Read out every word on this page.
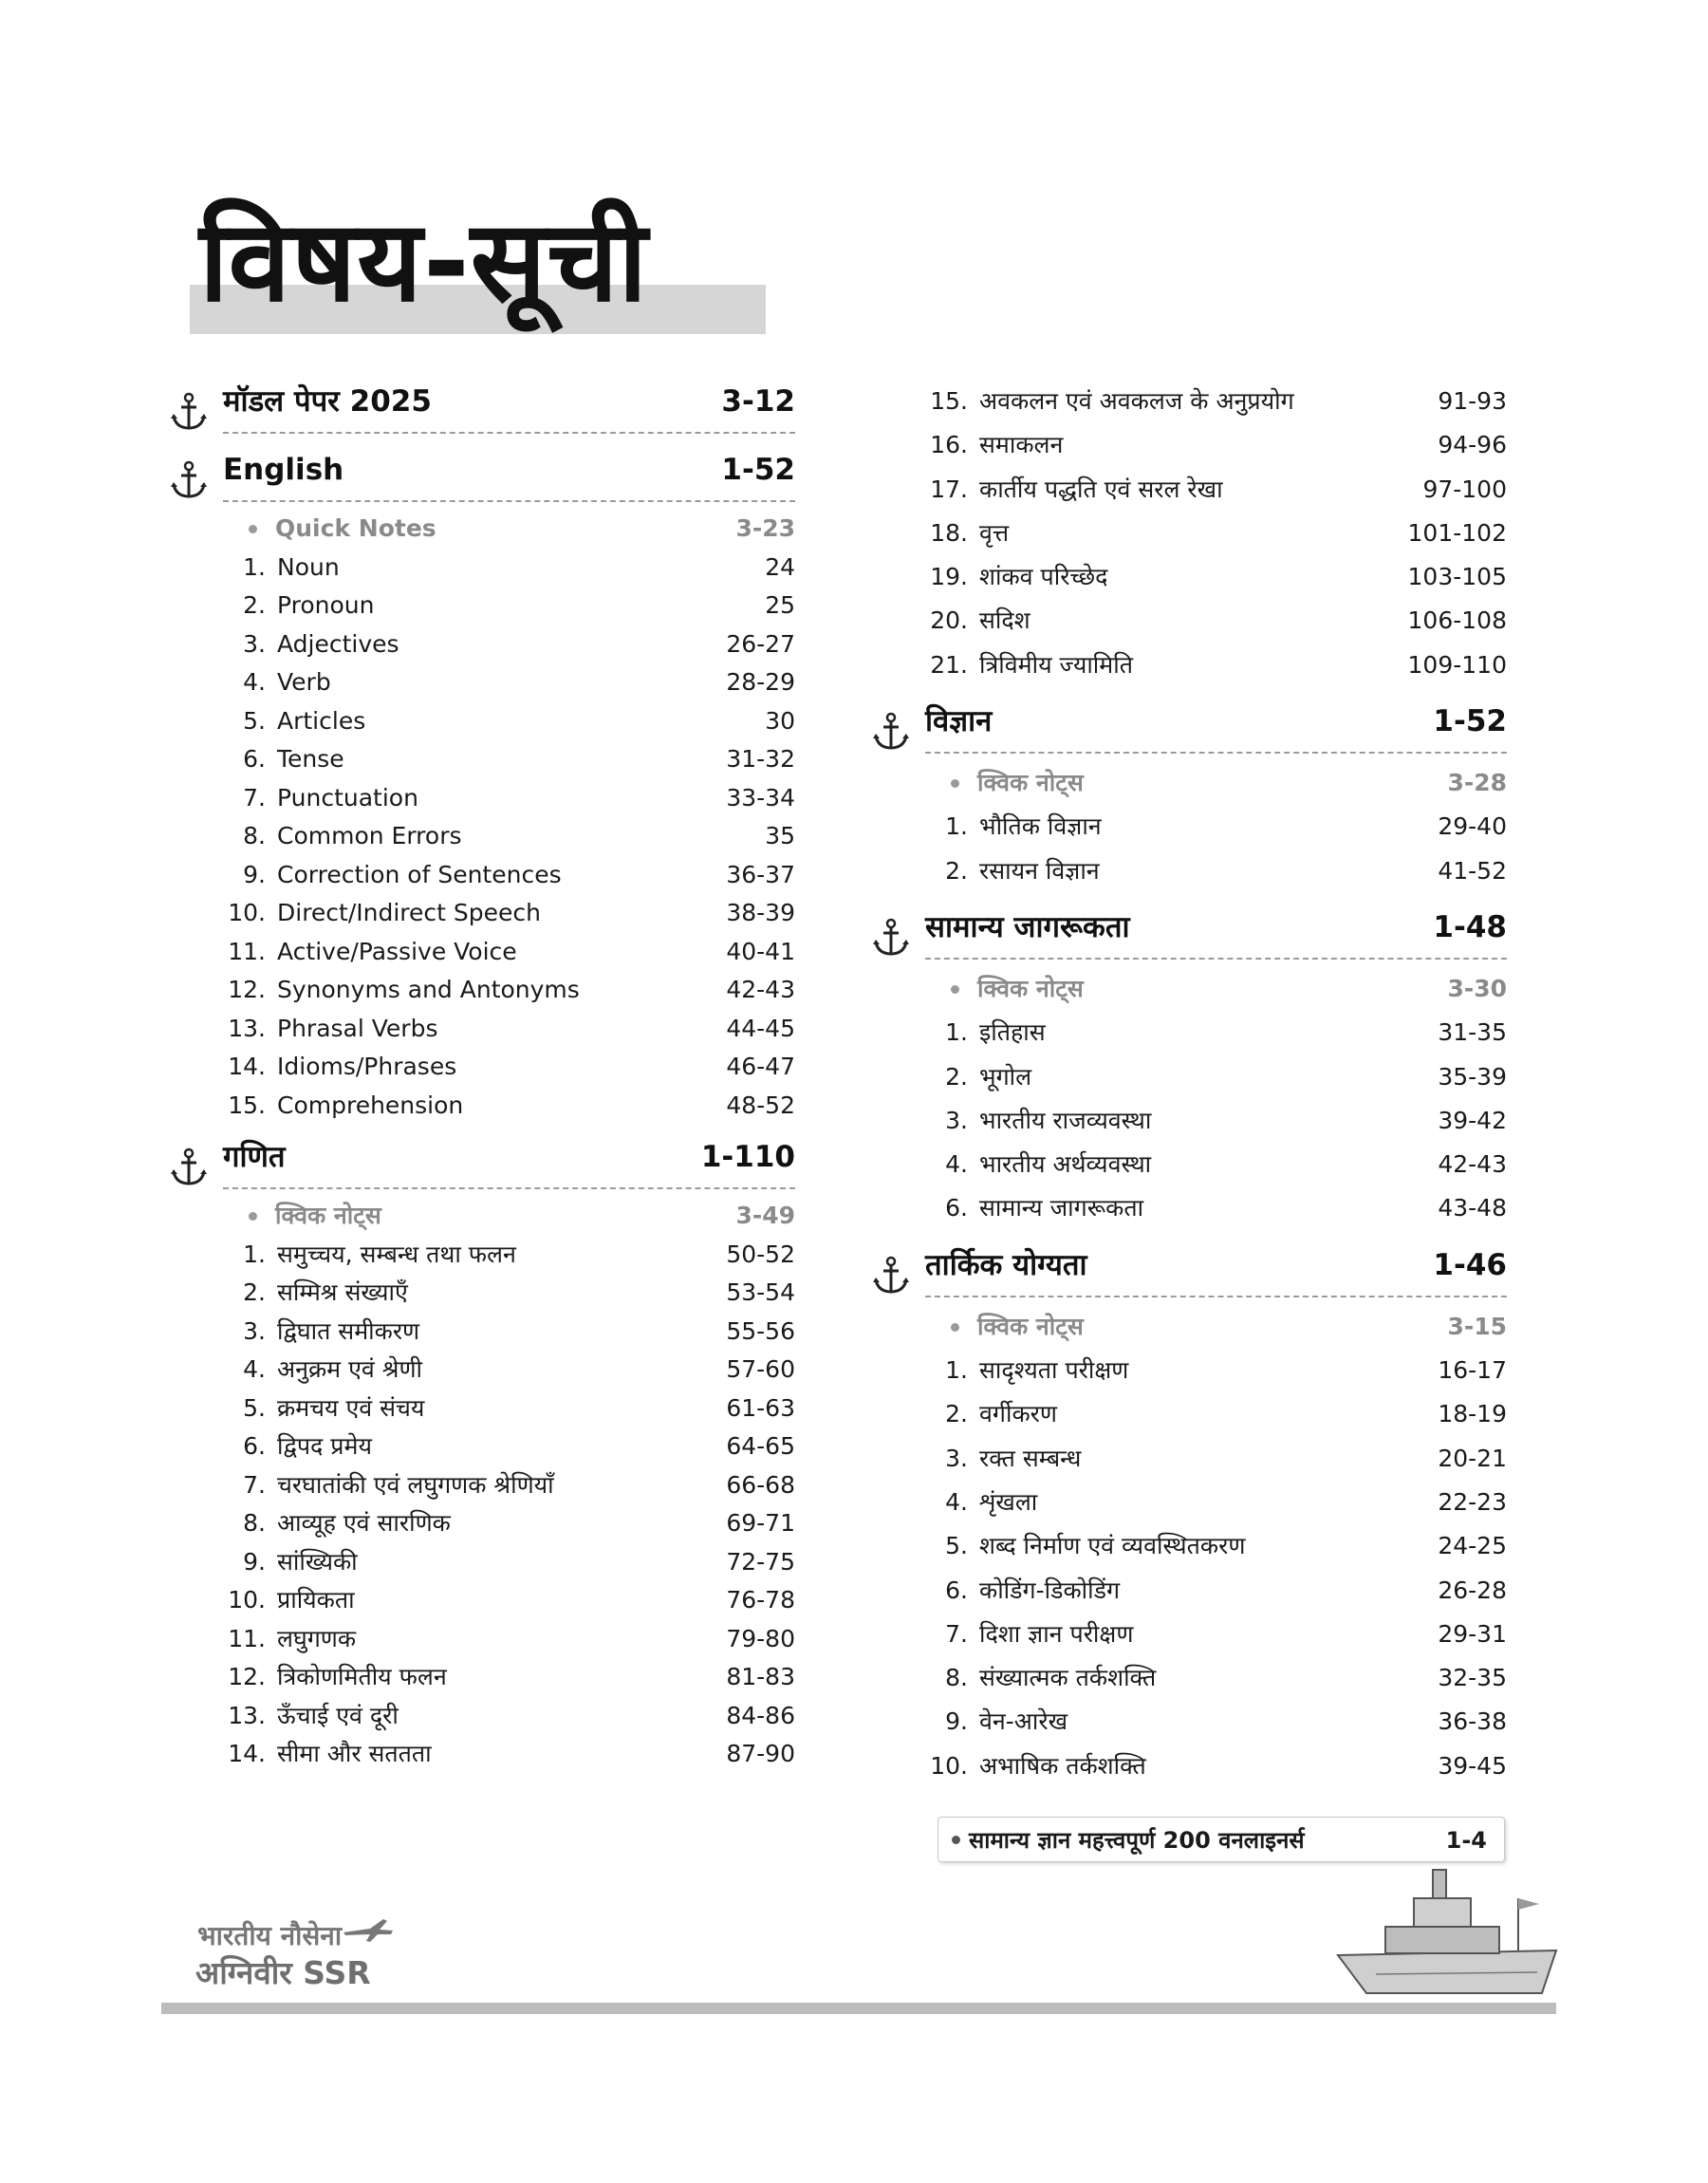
विषय-सूची
मॉडल पेपर 2025	3-12
English	1-52
Quick Notes	3-23
1. Noun	24
2. Pronoun	25
3. Adjectives	26-27
4. Verb	28-29
5. Articles	30
6. Tense	31-32
7. Punctuation	33-34
8. Common Errors	35
9. Correction of Sentences	36-37
10. Direct/Indirect Speech	38-39
11. Active/Passive Voice	40-41
12. Synonyms and Antonyms	42-43
13. Phrasal Verbs	44-45
14. Idioms/Phrases	46-47
15. Comprehension	48-52
गणित	1-110
क्विक नोट्स	3-49
1. समुच्चय, सम्बन्ध तथा फलन	50-52
2. सम्मिश्र संख्याएँ	53-54
3. द्विघात समीकरण	55-56
4. अनुक्रम एवं श्रेणी	57-60
5. क्रमचय एवं संचय	61-63
6. द्विपद प्रमेय	64-65
7. चरघातांकी एवं लघुगणक श्रेणियाँ	66-68
8. आव्यूह एवं सारणिक	69-71
9. सांख्यिकी	72-75
10. प्रायिकता	76-78
11. लघुगणक	79-80
12. त्रिकोणमितीय फलन	81-83
13. ऊँचाई एवं दूरी	84-86
14. सीमा और सततता	87-90
15. अवकलन एवं अवकलज के अनुप्रयोग	91-93
16. समाकलन	94-96
17. कार्तीय पद्धति एवं सरल रेखा	97-100
18. वृत्त	101-102
19. शांकव परिच्छेद	103-105
20. सदिश	106-108
21. त्रिविमीय ज्यामिति	109-110
विज्ञान	1-52
क्विक नोट्स	3-28
1. भौतिक विज्ञान	29-40
2. रसायन विज्ञान	41-52
सामान्य जागरूकता	1-48
क्विक नोट्स	3-30
1. इतिहास	31-35
2. भूगोल	35-39
3. भारतीय राजव्यवस्था	39-42
4. भारतीय अर्थव्यवस्था	42-43
6. सामान्य जागरूकता	43-48
तार्किक योग्यता	1-46
क्विक नोट्स	3-15
1. सादृश्यता परीक्षण	16-17
2. वर्गीकरण	18-19
3. रक्त सम्बन्ध	20-21
4. शृंखला	22-23
5. शब्द निर्माण एवं व्यवस्थितकरण	24-25
6. कोडिंग-डिकोडिंग	26-28
7. दिशा ज्ञान परीक्षण	29-31
8. संख्यात्मक तर्कशक्ति	32-35
9. वेन-आरेख	36-38
10. अभाषिक तर्कशक्ति	39-45
सामान्य ज्ञान महत्त्वपूर्ण 200 वनलाइनर्स	1-4
भारतीय नौसेना
अग्निवीर SSR
